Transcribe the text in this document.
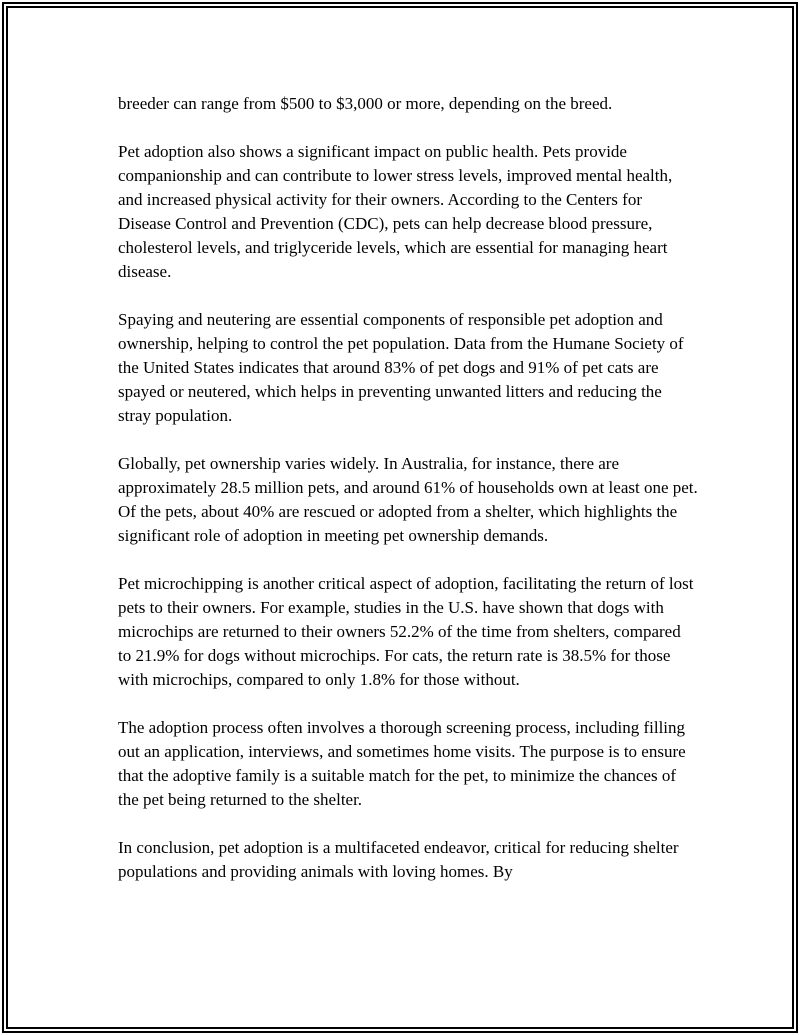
breeder can range from $500 to $3,000 or more, depending on the breed.

Pet adoption also shows a significant impact on public health. Pets provide companionship and can contribute to lower stress levels, improved mental health, and increased physical activity for their owners. According to the Centers for Disease Control and Prevention (CDC), pets can help decrease blood pressure, cholesterol levels, and triglyceride levels, which are essential for managing heart disease.

Spaying and neutering are essential components of responsible pet adoption and ownership, helping to control the pet population. Data from the Humane Society of the United States indicates that around 83% of pet dogs and 91% of pet cats are spayed or neutered, which helps in preventing unwanted litters and reducing the stray population.

Globally, pet ownership varies widely. In Australia, for instance, there are approximately 28.5 million pets, and around 61% of households own at least one pet. Of the pets, about 40% are rescued or adopted from a shelter, which highlights the significant role of adoption in meeting pet ownership demands.

Pet microchipping is another critical aspect of adoption, facilitating the return of lost pets to their owners. For example, studies in the U.S. have shown that dogs with microchips are returned to their owners 52.2% of the time from shelters, compared to 21.9% for dogs without microchips. For cats, the return rate is 38.5% for those with microchips, compared to only 1.8% for those without.

The adoption process often involves a thorough screening process, including filling out an application, interviews, and sometimes home visits. The purpose is to ensure that the adoptive family is a suitable match for the pet, to minimize the chances of the pet being returned to the shelter.

In conclusion, pet adoption is a multifaceted endeavor, critical for reducing shelter populations and providing animals with loving homes. By
